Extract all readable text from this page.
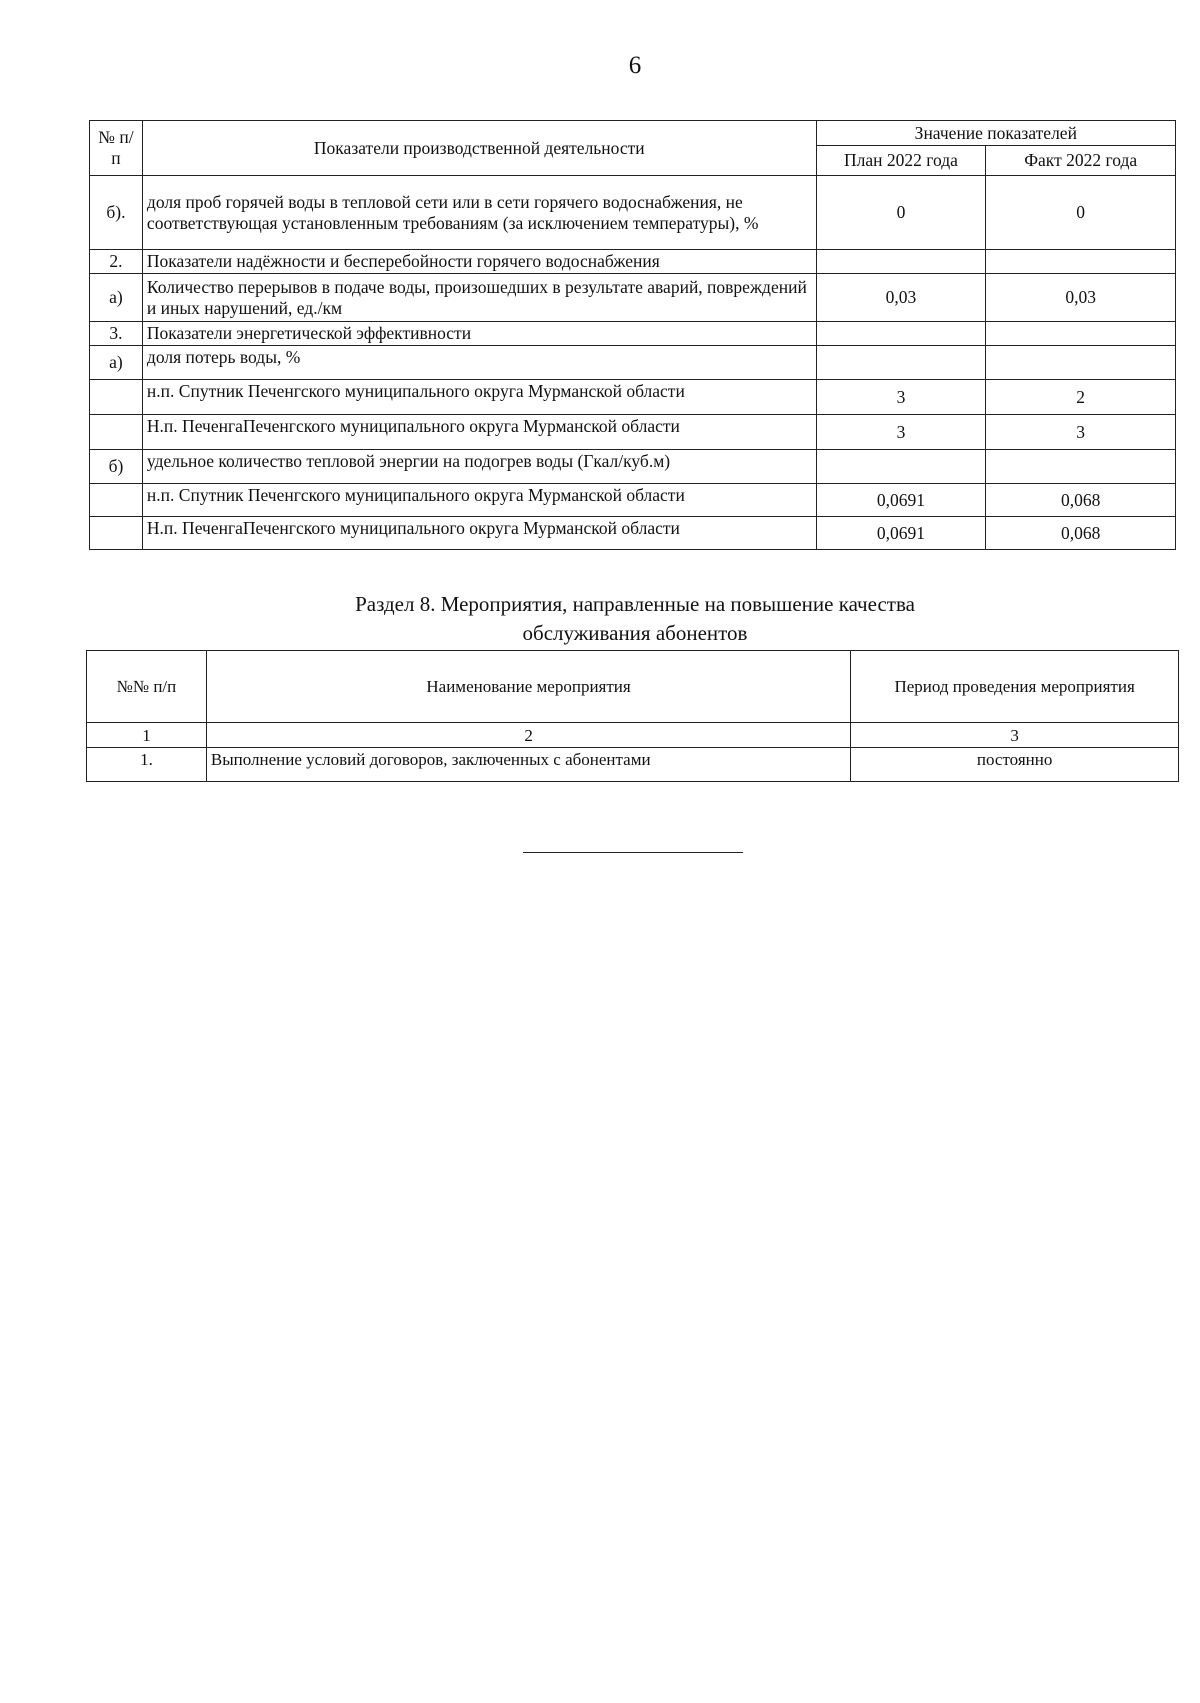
6
№ п/п	Показатели производственной деятельности	Значение показателей	
		План 2022 года	Факт 2022 года
б).	доля проб горячей воды в тепловой сети или в сети горячего водоснабжения, не соответствующая установленным требованиям (за исключением температуры), %	0	0
2.	Показатели надёжности и бесперебойности горячего водоснабжения		
а)	Количество перерывов в подаче воды, произошедших в результате аварий, повреждений и иных нарушений, ед./км	0,03	0,03
3.	Показатели энергетической эффективности		
а)	доля потерь воды, %		
	н.п. Спутник Печенгского муниципального округа Мурманской области	3	2
	Н.п. ПеченгаПеченгского муниципального округа Мурманской области	3	3
б)	удельное количество тепловой энергии на подогрев воды (Гкал/куб.м)		
	н.п. Спутник Печенгского муниципального округа Мурманской области	0,0691	0,068
	Н.п. ПеченгаПеченгского муниципального округа Мурманской области	0,0691	0,068
Раздел 8. Мероприятия, направленные на повышение качества
обслуживания абонентов
№№ п/п	Наименование мероприятия	Период проведения мероприятия
1	2	3
1.	Выполнение условий договоров, заключенных с абонентами	постоянно
